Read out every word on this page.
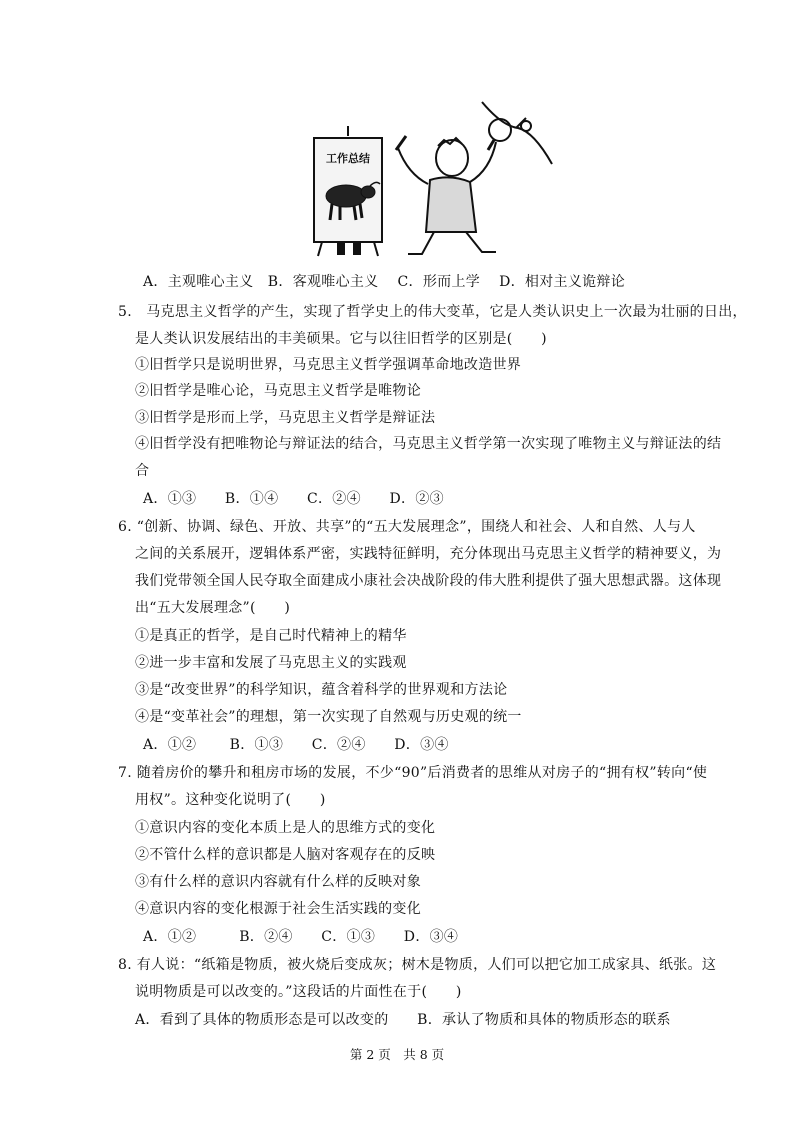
工作总结
A．主观唯心主义　B．客观唯心主义　 C．形而上学　 D．相对主义诡辩论
5.　马克思主义哲学的产生，实现了哲学史上的伟大变革，它是人类认识史上一次最为壮丽的日出，
是人类认识发展结出的丰美硕果。它与以往旧哲学的区别是(　　)
①旧哲学只是说明世界，马克思主义哲学强调革命地改造世界
②旧哲学是唯心论，马克思主义哲学是唯物论
③旧哲学是形而上学，马克思主义哲学是辩证法
④旧哲学没有把唯物论与辩证法的结合，马克思主义哲学第一次实现了唯物主义与辩证法的结
合
A．①③　　B．①④　　C．②④　　D．②③
6. “创新、协调、绿色、开放、共享”的“五大发展理念”，围绕人和社会、人和自然、人与人
之间的关系展开，逻辑体系严密，实践特征鲜明，充分体现出马克思主义哲学的精神要义，为
我们党带领全国人民夺取全面建成小康社会决战阶段的伟大胜利提供了强大思想武器。这体现
出“五大发展理念”(　　)
①是真正的哲学，是自己时代精神上的精华
②进一步丰富和发展了马克思主义的实践观
③是“改变世界”的科学知识，蕴含着科学的世界观和方法论
④是“变革社会”的理想，第一次实现了自然观与历史观的统一
A．①②　　 B．①③　　C．②④　　D．③④
7. 随着房价的攀升和租房市场的发展，不少“90”后消费者的思维从对房子的“拥有权”转向“使
用权”。这种变化说明了(　　)
①意识内容的变化本质上是人的思维方式的变化
②不管什么样的意识都是人脑对客观存在的反映
③有什么样的意识内容就有什么样的反映对象
④意识内容的变化根源于社会生活实践的变化
A．①②　　　B．②④　　C．①③　　D．③④
8. 有人说：“纸箱是物质，被火烧后变成灰；树木是物质，人们可以把它加工成家具、纸张。这
说明物质是可以改变的。”这段话的片面性在于(　　)
A．看到了具体的物质形态是可以改变的　　B．承认了物质和具体的物质形态的联系
第 2 页　共 8 页
